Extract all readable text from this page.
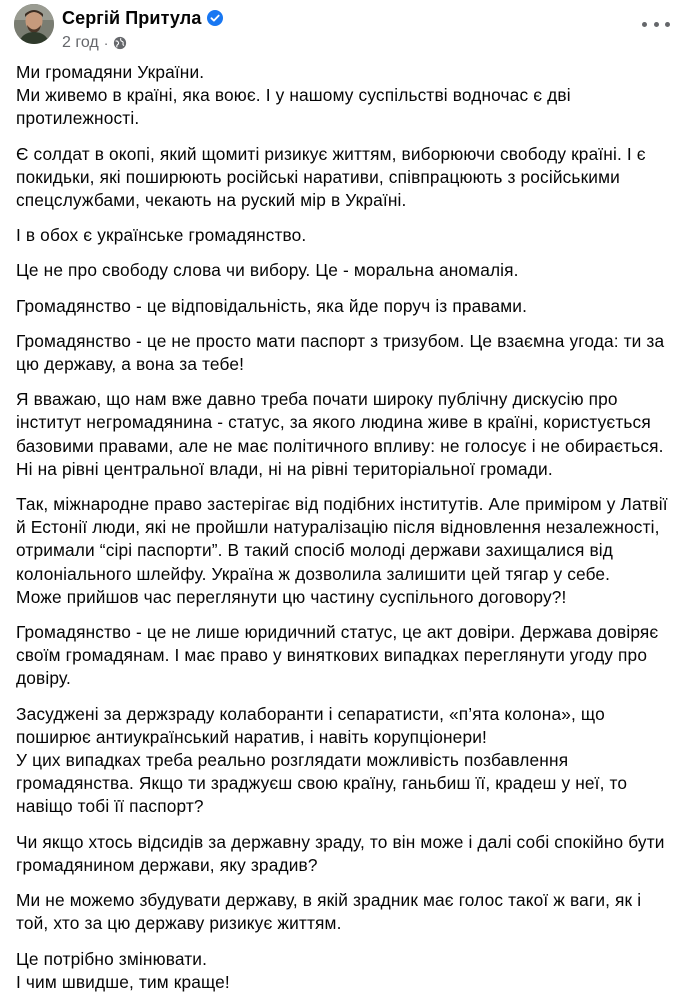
Сергій Притула
2 год ·

Ми громадяни України.
Ми живемо в країні, яка воює. І у нашому суспільстві водночас є дві протилежності.

Є солдат в окопі, який щомиті ризикує життям, виборюючи свободу країні. І є покидьки, які поширюють російські наративи, співпрацюють з російськими спецслужбами, чекають на руский мір в Україні.

І в обох є українське громадянство.

Це не про свободу слова чи вибору. Це - моральна аномалія.

Громадянство - це відповідальність, яка йде поруч із правами.

Громадянство - це не просто мати паспорт з тризубом. Це взаємна угода: ти за цю державу, а вона за тебе!

Я вважаю, що нам вже давно треба почати широку публічну дискусію про інститут негромадянина - статус, за якого людина живе в країні, користується базовими правами, але не має політичного впливу: не голосує і не обирається. Ні на рівні центральної влади, ні на рівні територіальної громади.

Так, міжнародне право застерігає від подібних інститутів. Але приміром у Латвії й Естонії люди, які не пройшли натуралізацію після відновлення незалежності, отримали “сірі паспорти”. В такий спосіб молоді держави захищалися від колоніального шлейфу. Україна ж дозволила залишити цей тягар у себе.
Може прийшов час переглянути цю частину суспільного договору?!

Громадянство - це не лише юридичний статус, це акт довіри. Держава довіряє своїм громадянам. І має право у виняткових випадках переглянути угоду про довіру.

Засуджені за держзраду колаборанти і сепаратисти, «п’ята колона», що поширює антиукраїнський наратив, і навіть корупціонери!
У цих випадках треба реально розглядати можливість позбавлення громадянства. Якщо ти зраджуєш свою країну, ганьбиш її, крадеш у неї, то навіщо тобі її паспорт?

Чи якщо хтось відсидів за державну зраду, то він може і далі собі спокійно бути громадянином держави, яку зрадив?

Ми не можемо збудувати державу, в якій зрадник має голос такої ж ваги, як і той, хто за цю державу ризикує життям.

Це потрібно змінювати.
І чим швидше, тим краще!
